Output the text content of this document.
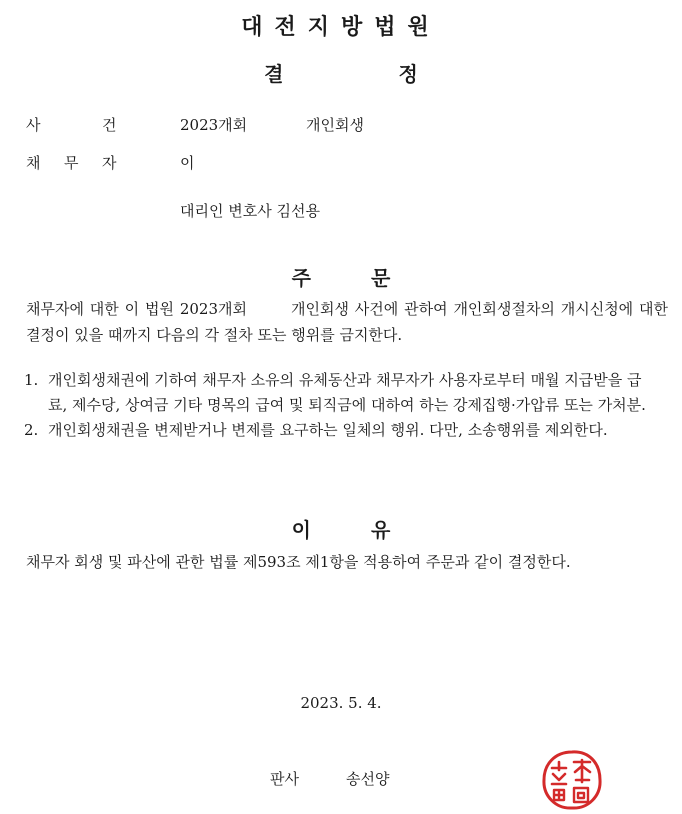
대전지방법원
결	정
사	건	2023개회	개인회생
채 무 자	이
대리인 변호사 김선용
주	문
채무자에 대한 이 법원 2023개회	개인회생 사건에 관하여 개인회생절차의 개시신청에 대한 결정이 있을 때까지 다음의 각 절차 또는 행위를 금지한다.
1. 개인회생채권에 기하여 채무자 소유의 유체동산과 채무자가 사용자로부터 매월 지급받을 급료, 제수당, 상여금 기타 명목의 급여 및 퇴직금에 대하여 하는 강제집행·가압류 또는 가처분.
2. 개인회생채권을 변제받거나 변제를 요구하는 일체의 행위. 다만, 소송행위를 제외한다.
이	유
채무자 회생 및 파산에 관한 법률 제593조 제1항을 적용하여 주문과 같이 결정한다.
2023. 5. 4.
판사	송선양
